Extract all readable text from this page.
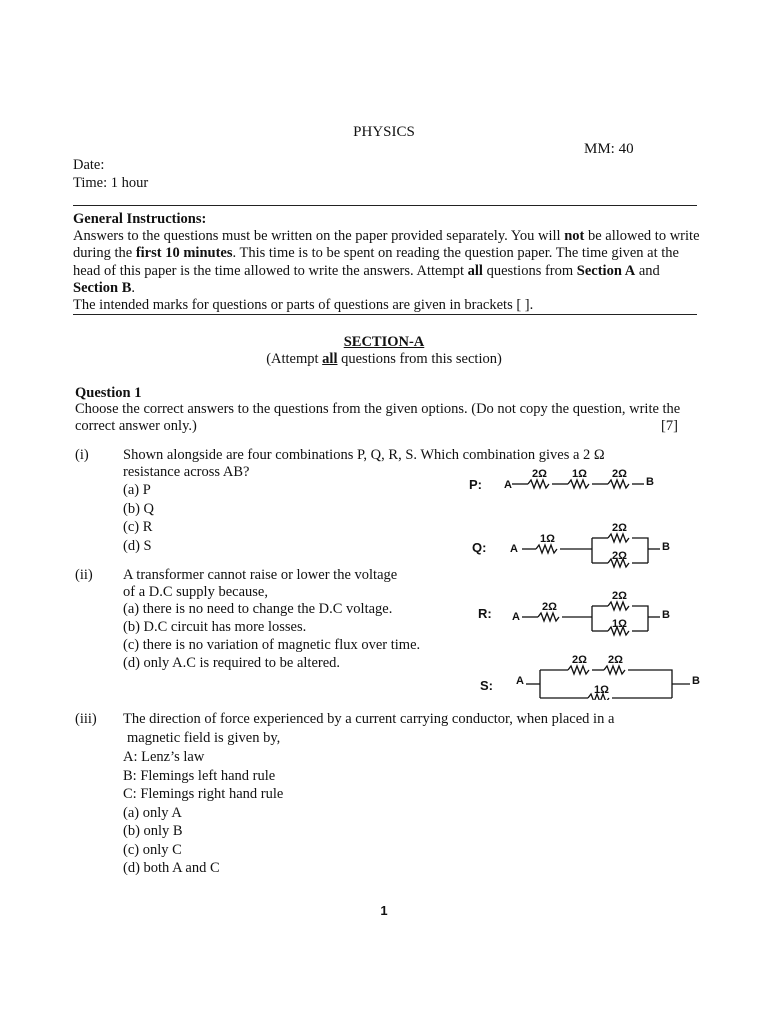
PHYSICS
MM: 40
Date:
Time: 1 hour
General Instructions:
Answers to the questions must be written on the paper provided separately. You will not be allowed to write during the first 10 minutes. This time is to be spent on reading the question paper. The time given at the head of this paper is the time allowed to write the answers. Attempt all questions from Section A and Section B.
The intended marks for questions or parts of questions are given in brackets [ ].
SECTION-A
(Attempt all questions from this section)
Question 1
Choose the correct answers to the questions from the given options. (Do not copy the question, write the correct answer only.)	[7]
(i) Shown alongside are four combinations P, Q, R, S. Which combination gives a 2 Ω
resistance across AB?
(a) P
(b) Q
(c) R
(d) S
(ii) A transformer cannot raise or lower the voltage
of a D.C supply because,
(a) there is no need to change the D.C voltage.
(b) D.C circuit has more losses.
(c) there is no variation of magnetic flux over time.
(d) only A.C is required to be altered.
(iii) The direction of force experienced by a current carrying conductor, when placed in a
magnetic field is given by,
A: Lenz’s law
B: Flemings left hand rule
C: Flemings right hand rule
(a) only A
(b) only B
(c) only C
(d) both A and C
P: A	B
2Ω 1Ω 2Ω
Q: A	B
1Ω
2Ω
2Ω
R: A	B
2Ω
2Ω
1Ω
S: A	B
2Ω 2Ω
1Ω
1
